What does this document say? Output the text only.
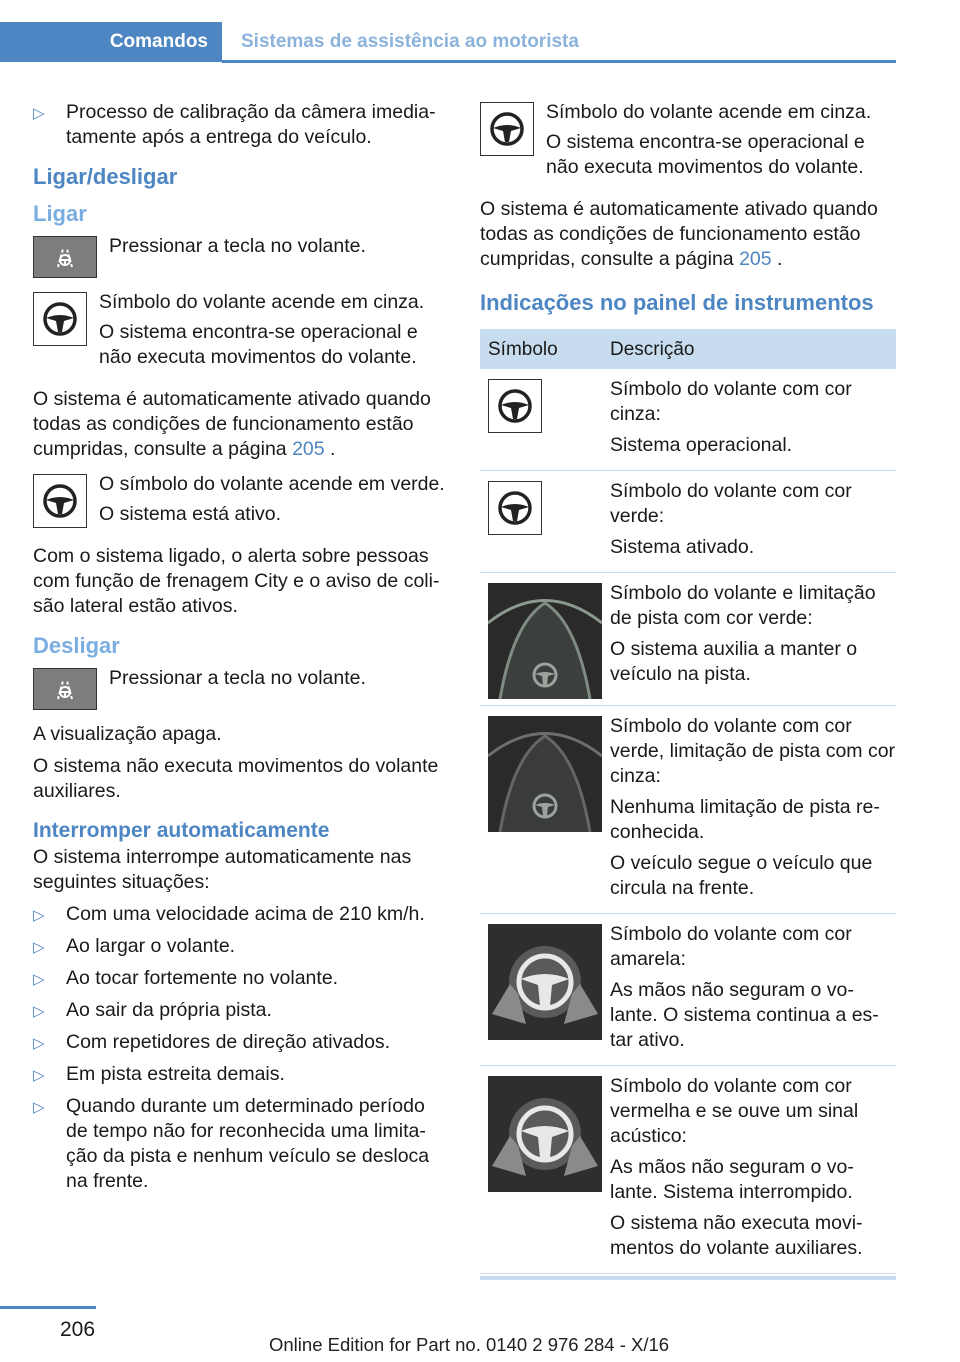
Comandos	Sistemas de assistência ao motorista
▷ Processo de calibração da câmera imedia‐tamente após a entrega do veículo.
Ligar/desligar
Ligar

Pressionar a tecla no volante.

Símbolo do volante acende em cinza.

O sistema encontra-se operacional e não executa movimentos do volante.

O sistema é automaticamente ativado quando todas as condições de funcionamento estão cumpridas, consulte a página 205 .

O símbolo do volante acende em verde.

O sistema está ativo.

Com o sistema ligado, o alerta sobre pessoas com função de frenagem City e o aviso de coli‐são lateral estão ativos.

Desligar

Pressionar a tecla no volante.

A visualização apaga.

O sistema não executa movimentos do volante auxiliares.

Interromper automaticamente

O sistema interrompe automaticamente nas seguintes situações:

▷ Com uma velocidade acima de 210 km/h.
▷ Ao largar o volante.
▷ Ao tocar fortemente no volante.
▷ Ao sair da própria pista.
▷ Com repetidores de direção ativados.
▷ Em pista estreita demais.
▷ Quando durante um determinado período de tempo não for reconhecida uma limita‐ção da pista e nenhum veículo se desloca na frente.

Símbolo do volante acende em cinza.

O sistema encontra-se operacional e não executa movimentos do volante.

O sistema é automaticamente ativado quando todas as condições de funcionamento estão cumpridas, consulte a página 205 .

Indicações no painel de instrumentos
Símbolo	Descrição

Símbolo do volante com cor cinza:

Sistema operacional.

Símbolo do volante com cor verde:

Sistema ativado.

Símbolo do volante e limitação de pista com cor verde:

O sistema auxilia a manter o veículo na pista.

Símbolo do volante com cor verde, limitação de pista com cor cinza:

Nenhuma limitação de pista re‐conhecida.

O veículo segue o veículo que circula na frente.

Símbolo do volante com cor amarela:

As mãos não seguram o vo‐lante. O sistema continua a es‐tar ativo.

Símbolo do volante com cor vermelha e se ouve um sinal acústico:

As mãos não seguram o vo‐lante. Sistema interrompido.

O sistema não executa movi‐mentos do volante auxiliares.

206
Online Edition for Part no. 0140 2 976 284 - X/16
